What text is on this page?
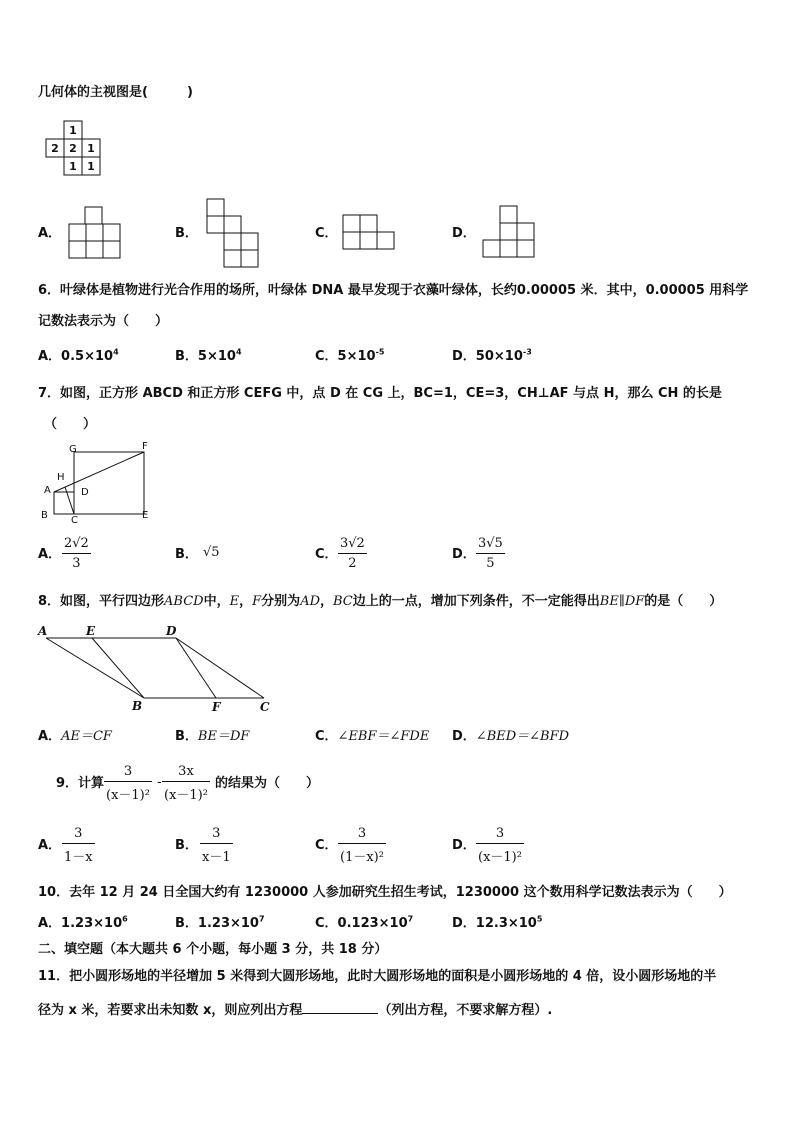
几何体的主视图是(　　　)
1
2 2 1
1 1
A．	B．	C．	D．
6．叶绿体是植物进行光合作用的场所，叶绿体 DNA 最早发现于衣藻叶绿体，长约0.00005 米．其中，0.00005 用科学
记数法表示为（　　）
A．$0.5\times 10^4$	B．$5\times 10^4$	C．$5\times 10^{-5}$	D．$50\times 10^{-3}$
7．如图，正方形 ABCD 和正方形 CEFG 中，点 D 在 CG 上，BC=1，CE=3，CH⊥AF 与点 H，那么 CH 的长是
（　　）
G	F
H
A	D
B C	E
A． $\frac{2√2}{3}$	B． √5	C． $\frac{3√2}{2}$	D． $\frac{3√5}{5}$
8．如图，平行四边形ABCD中，E，F分别为AD，BC边上的一点，增加下列条件，不一定能得出BE∥DF的是（　　）
A	E	D
B	F	C
A．AE＝CF	B．BE＝DF	C．∠EBF＝∠FDE D．∠BED＝∠BFD
9．计算 $\frac{3}{\text{(x－1)²}} - \frac{3x}{\text{(x－1)²}}$ 的结果为（　　）
A． $\frac{3}{1-x}$	B． $\frac{3}{x-1}$	C． $\frac{3}{\text{(1－x)²}}$	D． $\frac{3}{\text{(x－1)²}}$
10．去年 12 月 24 日全国大约有 1230000 人参加研究生招生考试，1230000 这个数用科学记数法表示为（　　）
A．$1.23\times 10^6$	B．$1.23\times 10^7$	C．$0.123\times 10^7$	D．$12.3\times 10^5$
二、填空题（本大题共 6 个小题，每小题 3 分，共 18 分）
11．把小圆形场地的半径增加 5 米得到大圆形场地，此时大圆形场地的面积是小圆形场地的 4 倍，设小圆形场地的半
径为 x 米，若要求出未知数 x，则应列出方程	（列出方程，不要求解方程）.
